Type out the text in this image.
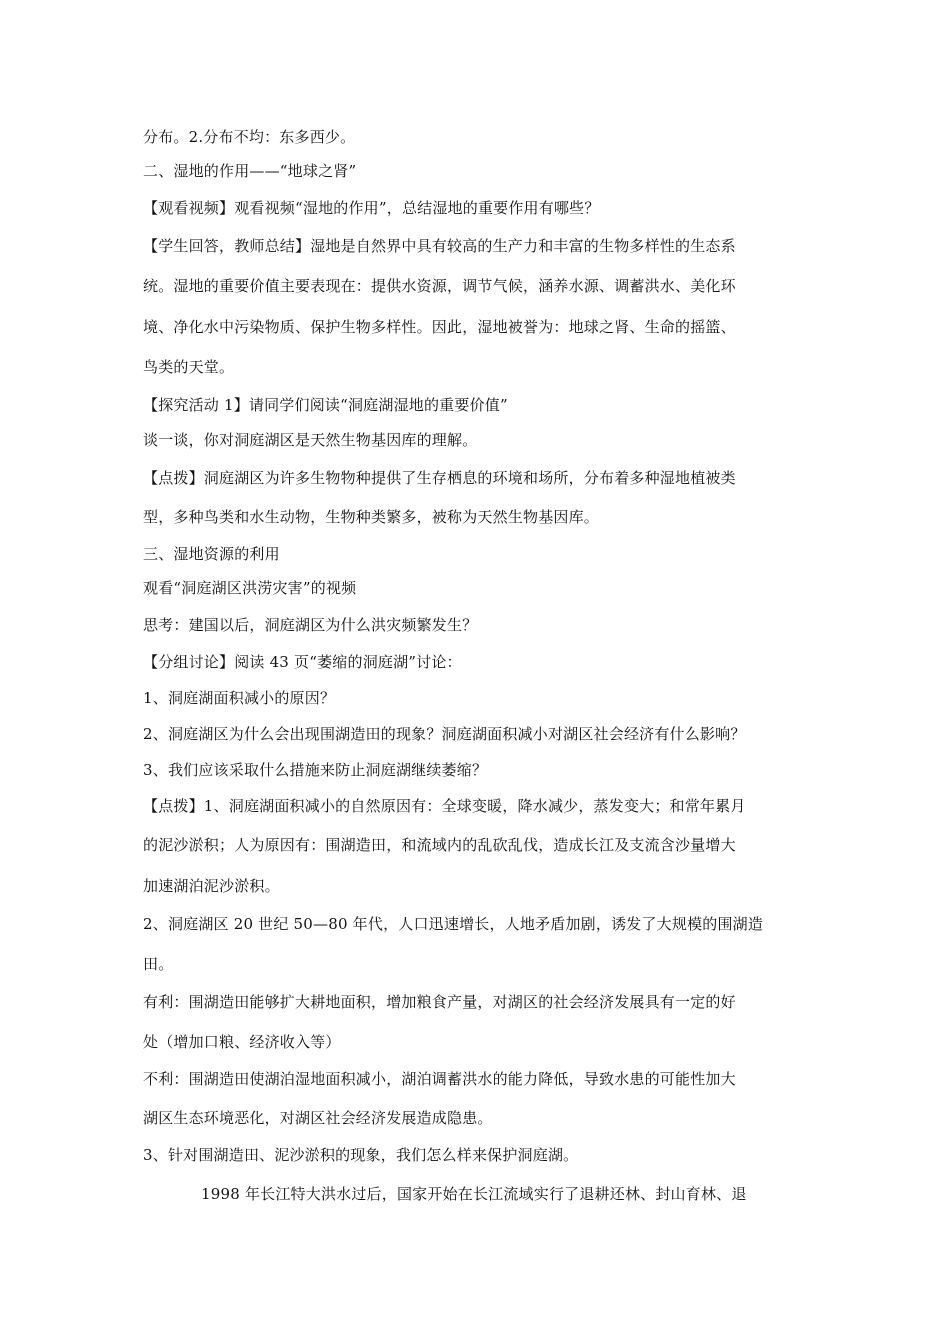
分布。2.分布不均：东多西少。
二、湿地的作用——“地球之肾”
【观看视频】观看视频“湿地的作用”，总结湿地的重要作用有哪些？
【学生回答，教师总结】湿地是自然界中具有较高的生产力和丰富的生物多样性的生态系
统。湿地的重要价值主要表现在：提供水资源，调节气候，涵养水源、调蓄洪水、美化环
境、净化水中污染物质、保护生物多样性。因此，湿地被誉为：地球之肾、生命的摇篮、
鸟类的天堂。
【探究活动 1】请同学们阅读“洞庭湖湿地的重要价值”
谈一谈，你对洞庭湖区是天然生物基因库的理解。
【点拨】洞庭湖区为许多生物物种提供了生存栖息的环境和场所，分布着多种湿地植被类
型，多种鸟类和水生动物，生物种类繁多，被称为天然生物基因库。
三、湿地资源的利用
观看“洞庭湖区洪涝灾害”的视频
思考：建国以后，洞庭湖区为什么洪灾频繁发生？
【分组讨论】阅读 43 页“萎缩的洞庭湖”讨论：
1、洞庭湖面积减小的原因？
2、洞庭湖区为什么会出现围湖造田的现象？洞庭湖面积减小对湖区社会经济有什么影响？
3、我们应该采取什么措施来防止洞庭湖继续萎缩？
【点拨】1、洞庭湖面积减小的自然原因有：全球变暖，降水减少，蒸发变大；和常年累月
的泥沙淤积；人为原因有：围湖造田，和流域内的乱砍乱伐，造成长江及支流含沙量增大
加速湖泊泥沙淤积。
2、洞庭湖区 20 世纪 50—80 年代，人口迅速增长，人地矛盾加剧，诱发了大规模的围湖造
田。
有利：围湖造田能够扩大耕地面积，增加粮食产量，对湖区的社会经济发展具有一定的好
处（增加口粮、经济收入等）
不利：围湖造田使湖泊湿地面积减小，湖泊调蓄洪水的能力降低，导致水患的可能性加大
湖区生态环境恶化，对湖区社会经济发展造成隐患。
3、针对围湖造田、泥沙淤积的现象，我们怎么样来保护洞庭湖。
1998 年长江特大洪水过后，国家开始在长江流域实行了退耕还林、封山育林、退
